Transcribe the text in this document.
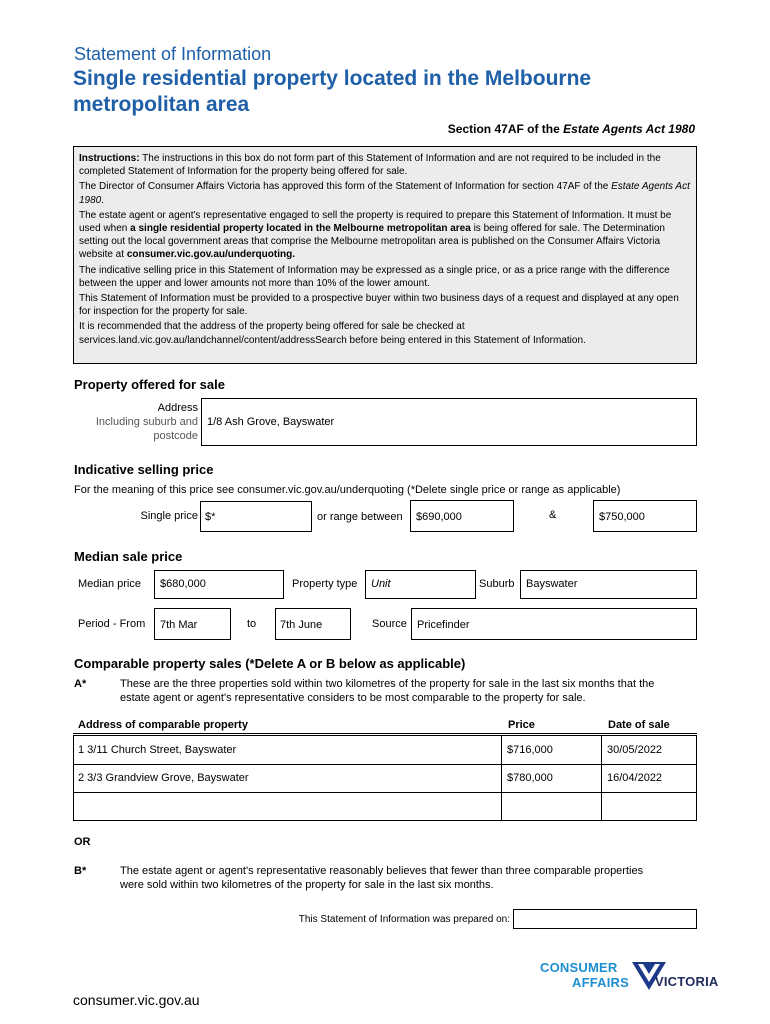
Statement of Information
Single residential property located in the Melbourne
metropolitan area
Section 47AF of the Estate Agents Act 1980

Instructions: The instructions in this box do not form part of this Statement of Information and are not required to be included in the completed Statement of Information for the property being offered for sale.

The Director of Consumer Affairs Victoria has approved this form of the Statement of Information for section 47AF of the Estate Agents Act 1980.

The estate agent or agent's representative engaged to sell the property is required to prepare this Statement of Information. It must be used when a single residential property located in the Melbourne metropolitan area is being offered for sale. The Determination setting out the local government areas that comprise the Melbourne metropolitan area is published on the Consumer Affairs Victoria website at consumer.vic.gov.au/underquoting.

The indicative selling price in this Statement of Information may be expressed as a single price, or as a price range with the difference between the upper and lower amounts not more than 10% of the lower amount.

This Statement of Information must be provided to a prospective buyer within two business days of a request and displayed at any open for inspection for the property for sale.

It is recommended that the address of the property being offered for sale be checked at services.land.vic.gov.au/landchannel/content/addressSearch before being entered in this Statement of Information.

Property offered for sale
Address
Including suburb and
postcode
1/8 Ash Grove, Bayswater
Indicative selling price
For the meaning of this price see consumer.vic.gov.au/underquoting (*Delete single price or range as applicable)
Single price $*	or range between $690,000	&	$750,000
Median sale price
Median price $680,000	Property type Unit	Suburb Bayswater
Period - From 7th Mar	to 7th June	Source Pricefinder
Comparable property sales (*Delete A or B below as applicable)
A*	These are the three properties sold within two kilometres of the property for sale in the last six months that the
estate agent or agent's representative considers to be most comparable to the property for sale.
Address of comparable property	Price	Date of sale
1 3/11 Church Street, Bayswater	$716,000	30/05/2022
2 3/3 Grandview Grove, Bayswater	$780,000	16/04/2022
OR
B*	The estate agent or agent's representative reasonably believes that fewer than three comparable properties
were sold within two kilometres of the property for sale in the last six months.
This Statement of Information was prepared on:
CONSUMER
AFFAIRS VICTORIA
consumer.vic.gov.au
